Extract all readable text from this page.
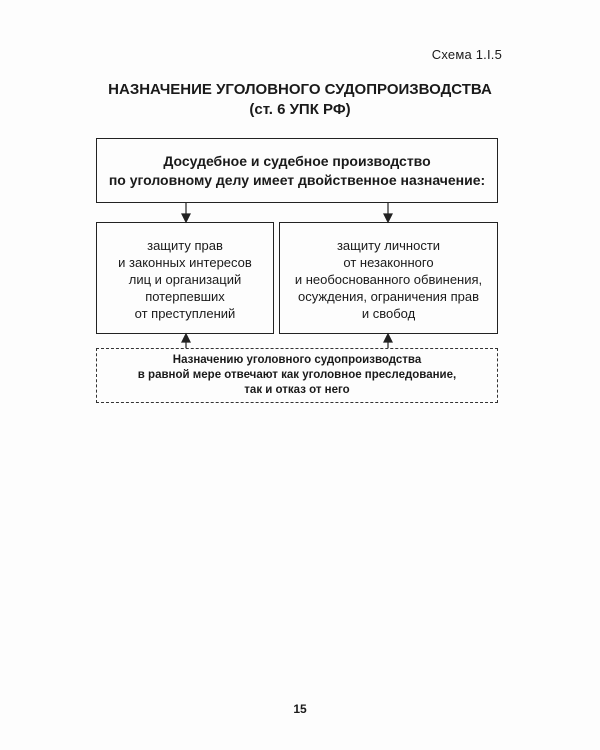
Схема 1.I.5
НАЗНАЧЕНИЕ УГОЛОВНОГО СУДОПРОИЗВОДСТВА
(ст. 6 УПК РФ)
Досудебное и судебное производство
по уголовному делу имеет двойственное назначение:
защиту прав
и законных интересов
лиц и организаций
потерпевших
от преступлений
защиту личности
от незаконного
и необоснованного обвинения,
осуждения, ограничения прав
и свобод
Назначению уголовного судопроизводства
в равной мере отвечают как уголовное преследование,
так и отказ от него
15
